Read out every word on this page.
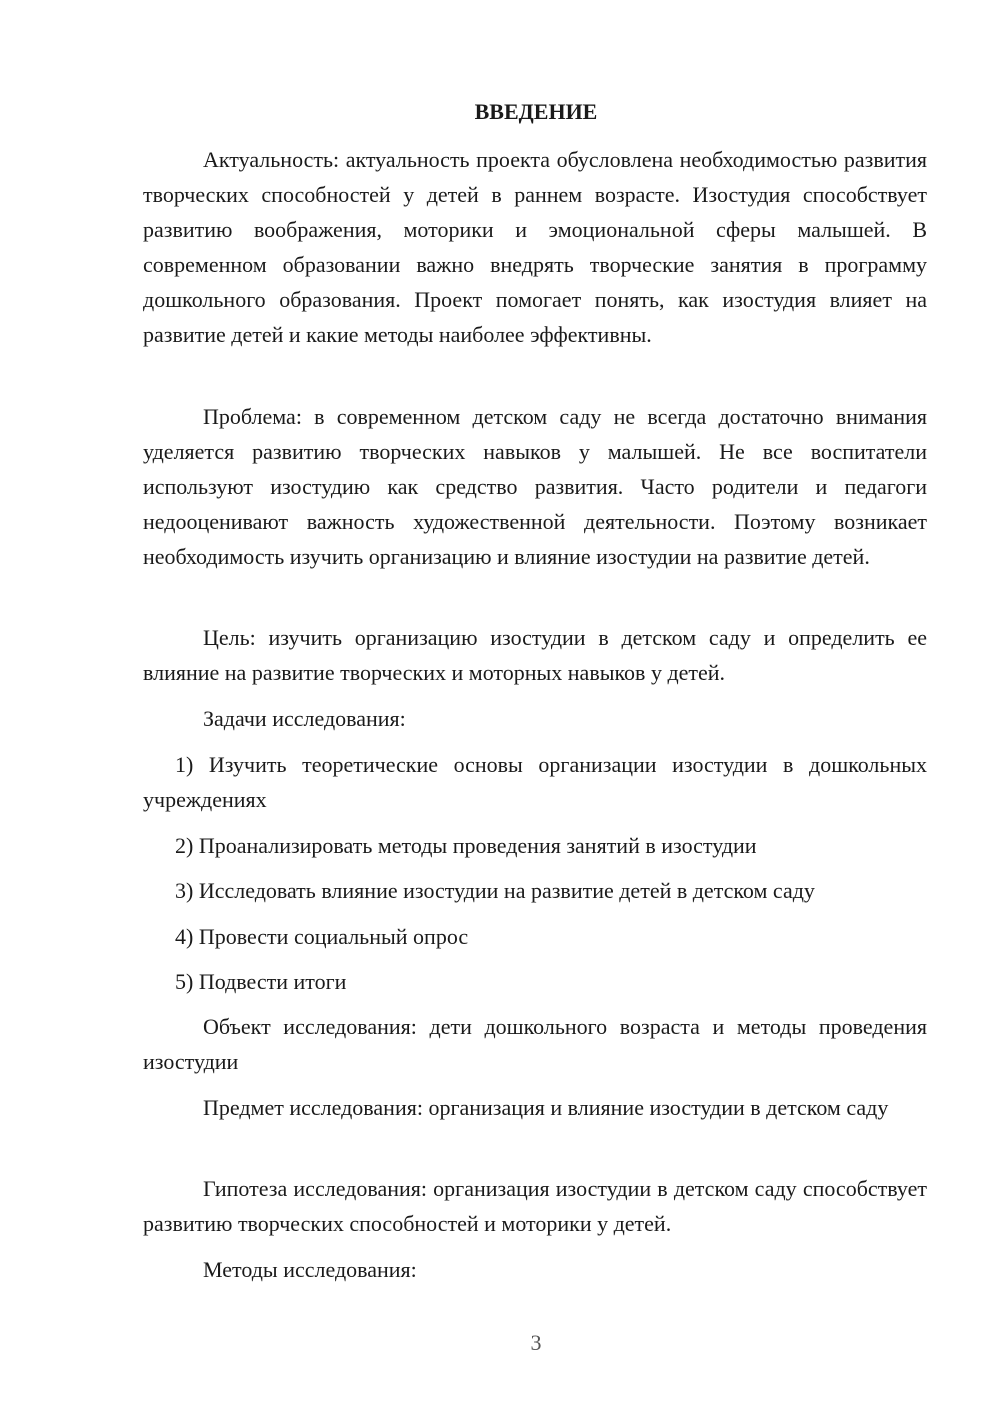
ВВЕДЕНИЕ

Актуальность: актуальность проекта обусловлена необходимостью развития творческих способностей у детей в раннем возрасте. Изостудия способствует развитию воображения, моторики и эмоциональной сферы малышей. В современном образовании важно внедрять творческие занятия в программу дошкольного образования. Проект помогает понять, как изостудия влияет на развитие детей и какие методы наиболее эффективны.

Проблема: в современном детском саду не всегда достаточно внимания уделяется развитию творческих навыков у малышей. Не все воспитатели используют изостудию как средство развития. Часто родители и педагоги недооценивают важность художественной деятельности. Поэтому возникает необходимость изучить организацию и влияние изостудии на развитие детей.

Цель: изучить организацию изостудии в детском саду и определить ее влияние на развитие творческих и моторных навыков у детей.

Задачи исследования:

1) Изучить теоретические основы организации изостудии в дошкольных учреждениях

2) Проанализировать методы проведения занятий в изостудии

3) Исследовать влияние изостудии на развитие детей в детском саду

4) Провести социальный опрос

5) Подвести итоги

Объект исследования: дети дошкольного возраста и методы проведения изостудии

Предмет исследования: организация и влияние изостудии в детском саду

Гипотеза исследования: организация изостудии в детском саду способствует развитию творческих способностей и моторики у детей.

Методы исследования:

3
